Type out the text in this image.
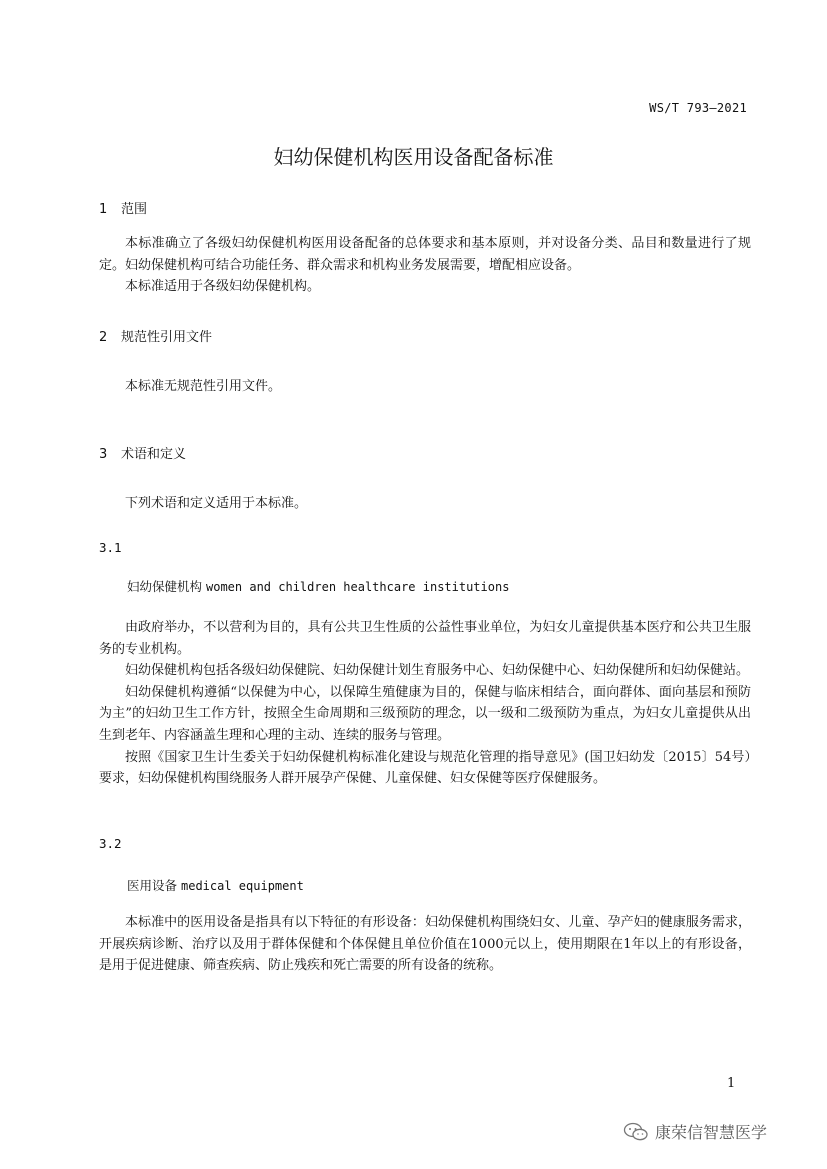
WS/T 793—2021
妇幼保健机构医用设备配备标准
1 范围

本标准确立了各级妇幼保健机构医用设备配备的总体要求和基本原则，并对设备分类、品目和数量进行了规定。妇幼保健机构可结合功能任务、群众需求和机构业务发展需要，增配相应设备。

本标准适用于各级妇幼保健机构。

2 规范性引用文件

本标准无规范性引用文件。

3 术语和定义

下列术语和定义适用于本标准。

3.1
妇幼保健机构 women and children healthcare institutions

由政府举办，不以营利为目的，具有公共卫生性质的公益性事业单位，为妇女儿童提供基本医疗和公共卫生服务的专业机构。

妇幼保健机构包括各级妇幼保健院、妇幼保健计划生育服务中心、妇幼保健中心、妇幼保健所和妇幼保健站。

妇幼保健机构遵循“以保健为中心，以保障生殖健康为目的，保健与临床相结合，面向群体、面向基层和预防为主”的妇幼卫生工作方针，按照全生命周期和三级预防的理念，以一级和二级预防为重点，为妇女儿童提供从出生到老年、内容涵盖生理和心理的主动、连续的服务与管理。

按照《国家卫生计生委关于妇幼保健机构标准化建设与规范化管理的指导意见》(国卫妇幼发〔2015〕54号）要求，妇幼保健机构围绕服务人群开展孕产保健、儿童保健、妇女保健等医疗保健服务。

3.2
医用设备 medical equipment

本标准中的医用设备是指具有以下特征的有形设备：妇幼保健机构围绕妇女、儿童、孕产妇的健康服务需求，开展疾病诊断、治疗以及用于群体保健和个体保健且单位价值在1000元以上，使用期限在1年以上的有形设备，是用于促进健康、筛查疾病、防止残疾和死亡需要的所有设备的统称。

1
康荣信智慧医学
